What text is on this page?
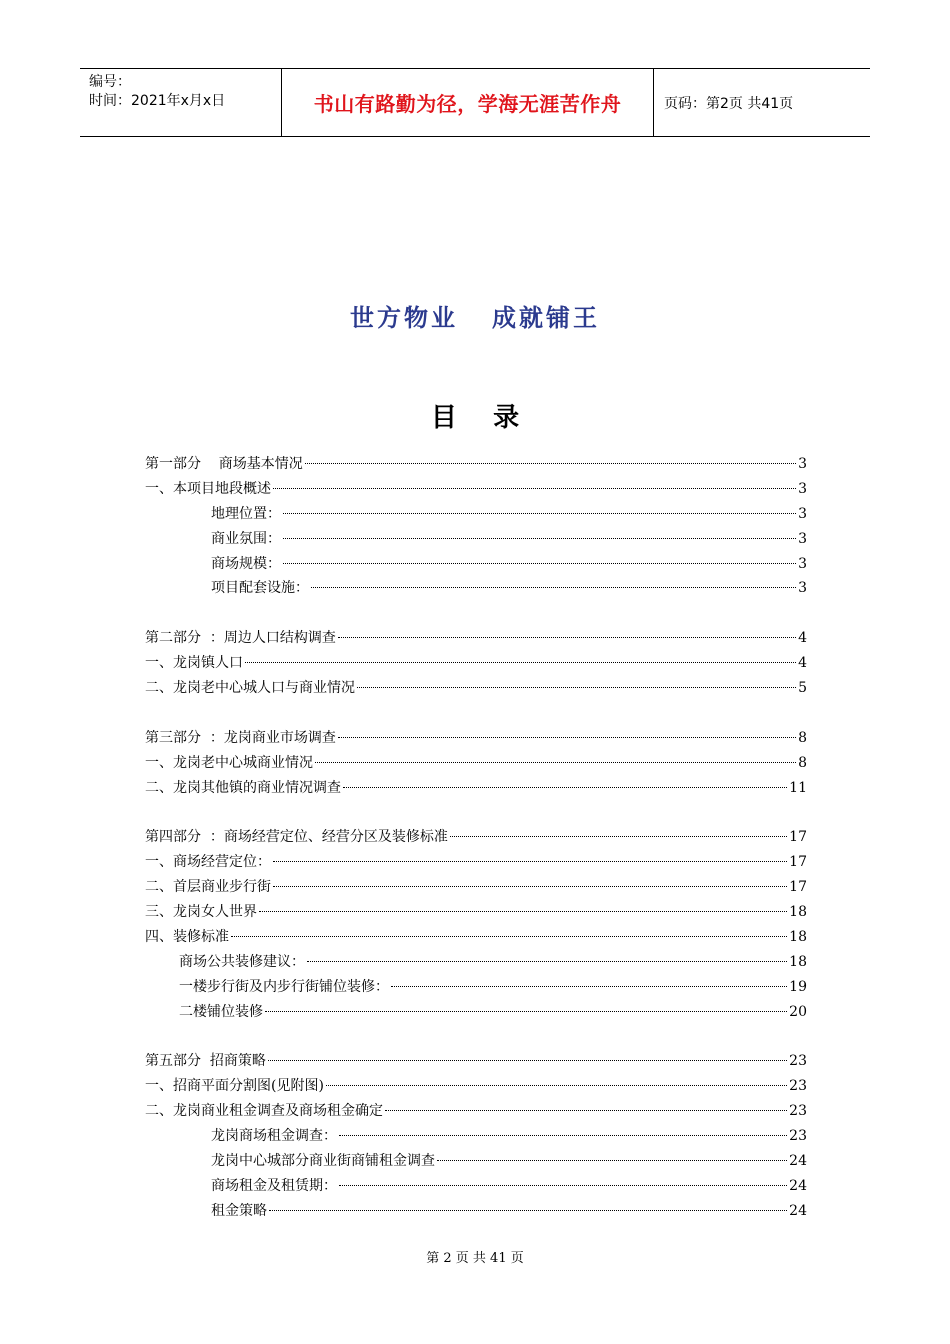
编号：
时间：2021年x月x日	书山有路勤为径，学海无涯苦作舟	页码：第2页 共41页
世方物业   成就铺王
目    录
第一部分    商场基本情况	3
一、本项目地段概述	3
地理位置：	3
商业氛围：	3
商场规模：	3
项目配套设施：	3
第二部分  ：周边人口结构调查	4
一、龙岗镇人口	4
二、龙岗老中心城人口与商业情况	5
第三部分  ：龙岗商业市场调查	8
一、龙岗老中心城商业情况	8
二、龙岗其他镇的商业情况调查	11
第四部分  ：商场经营定位、经营分区及装修标准	17
一、商场经营定位：	17
二、首层商业步行街	17
三、龙岗女人世界	18
四、装修标准	18
商场公共装修建议：	18
一楼步行街及内步行街铺位装修：	19
二楼铺位装修	20
第五部分  招商策略	23
一、招商平面分割图(见附图)	23
二、龙岗商业租金调查及商场租金确定	23
龙岗商场租金调查：	23
龙岗中心城部分商业街商铺租金调查	24
商场租金及租赁期：	24
租金策略	24
第 2 页 共 41 页
